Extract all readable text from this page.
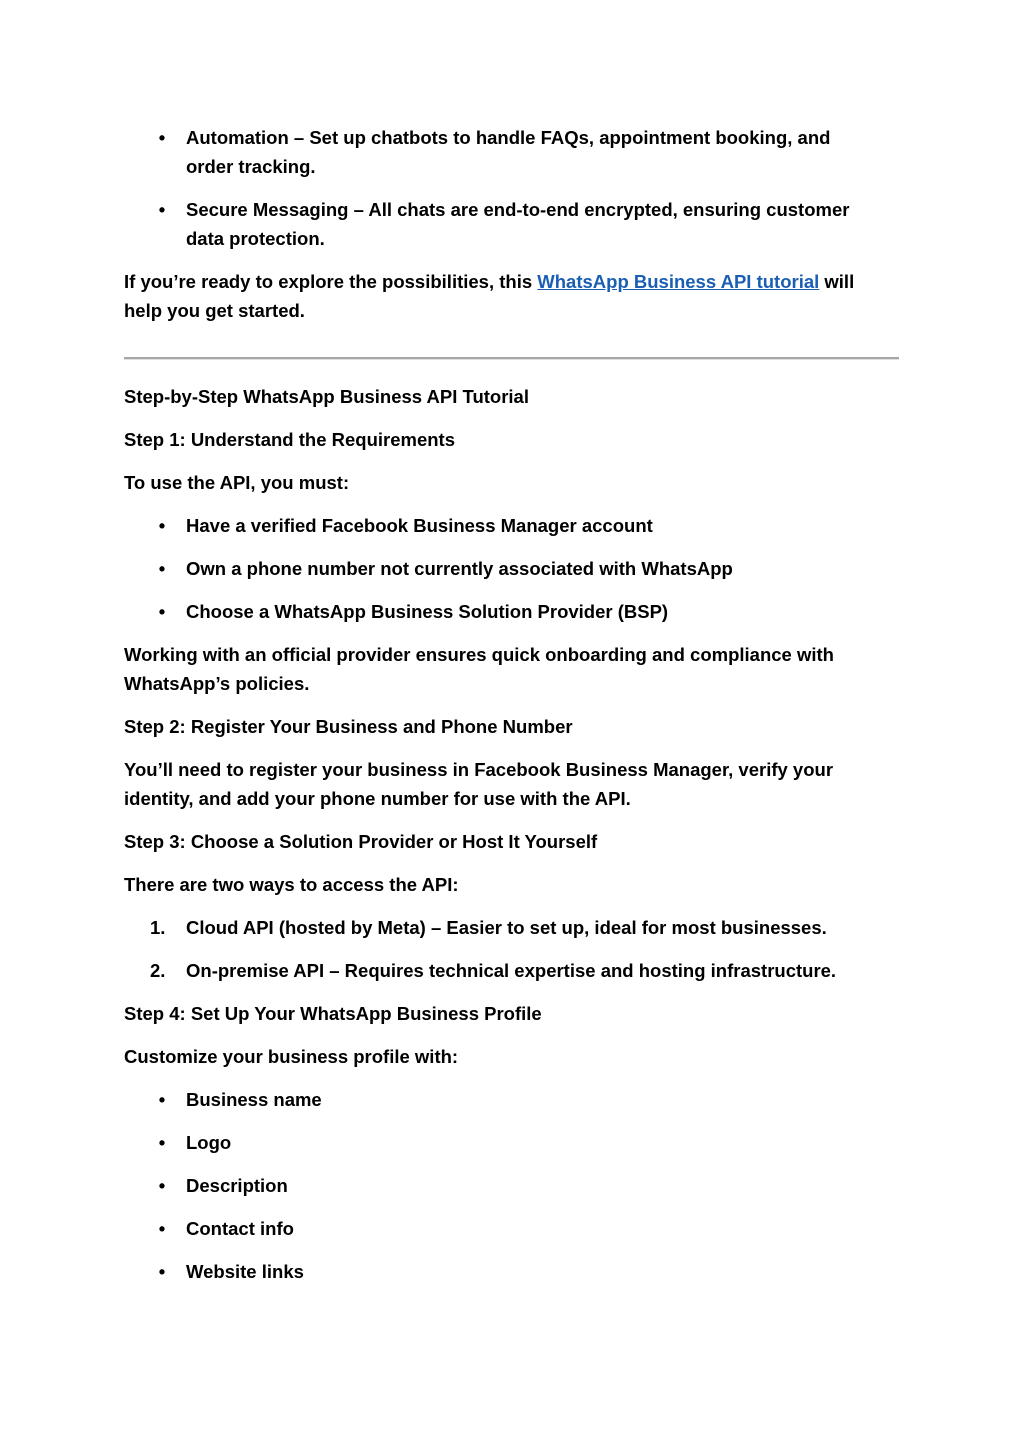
•	Automation – Set up chatbots to handle FAQs, appointment booking, and order tracking.

•	Secure Messaging – All chats are end-to-end encrypted, ensuring customer data protection.

If you’re ready to explore the possibilities, this WhatsApp Business API tutorial will help you get started.

Step-by-Step WhatsApp Business API Tutorial

Step 1: Understand the Requirements

To use the API, you must:

•	Have a verified Facebook Business Manager account

•	Own a phone number not currently associated with WhatsApp

•	Choose a WhatsApp Business Solution Provider (BSP)

Working with an official provider ensures quick onboarding and compliance with WhatsApp’s policies.

Step 2: Register Your Business and Phone Number

You’ll need to register your business in Facebook Business Manager, verify your identity, and add your phone number for use with the API.

Step 3: Choose a Solution Provider or Host It Yourself

There are two ways to access the API:

1.	Cloud API (hosted by Meta) – Easier to set up, ideal for most businesses.

2.	On-premise API – Requires technical expertise and hosting infrastructure.

Step 4: Set Up Your WhatsApp Business Profile

Customize your business profile with:

•	Business name

•	Logo

•	Description

•	Contact info

•	Website links
